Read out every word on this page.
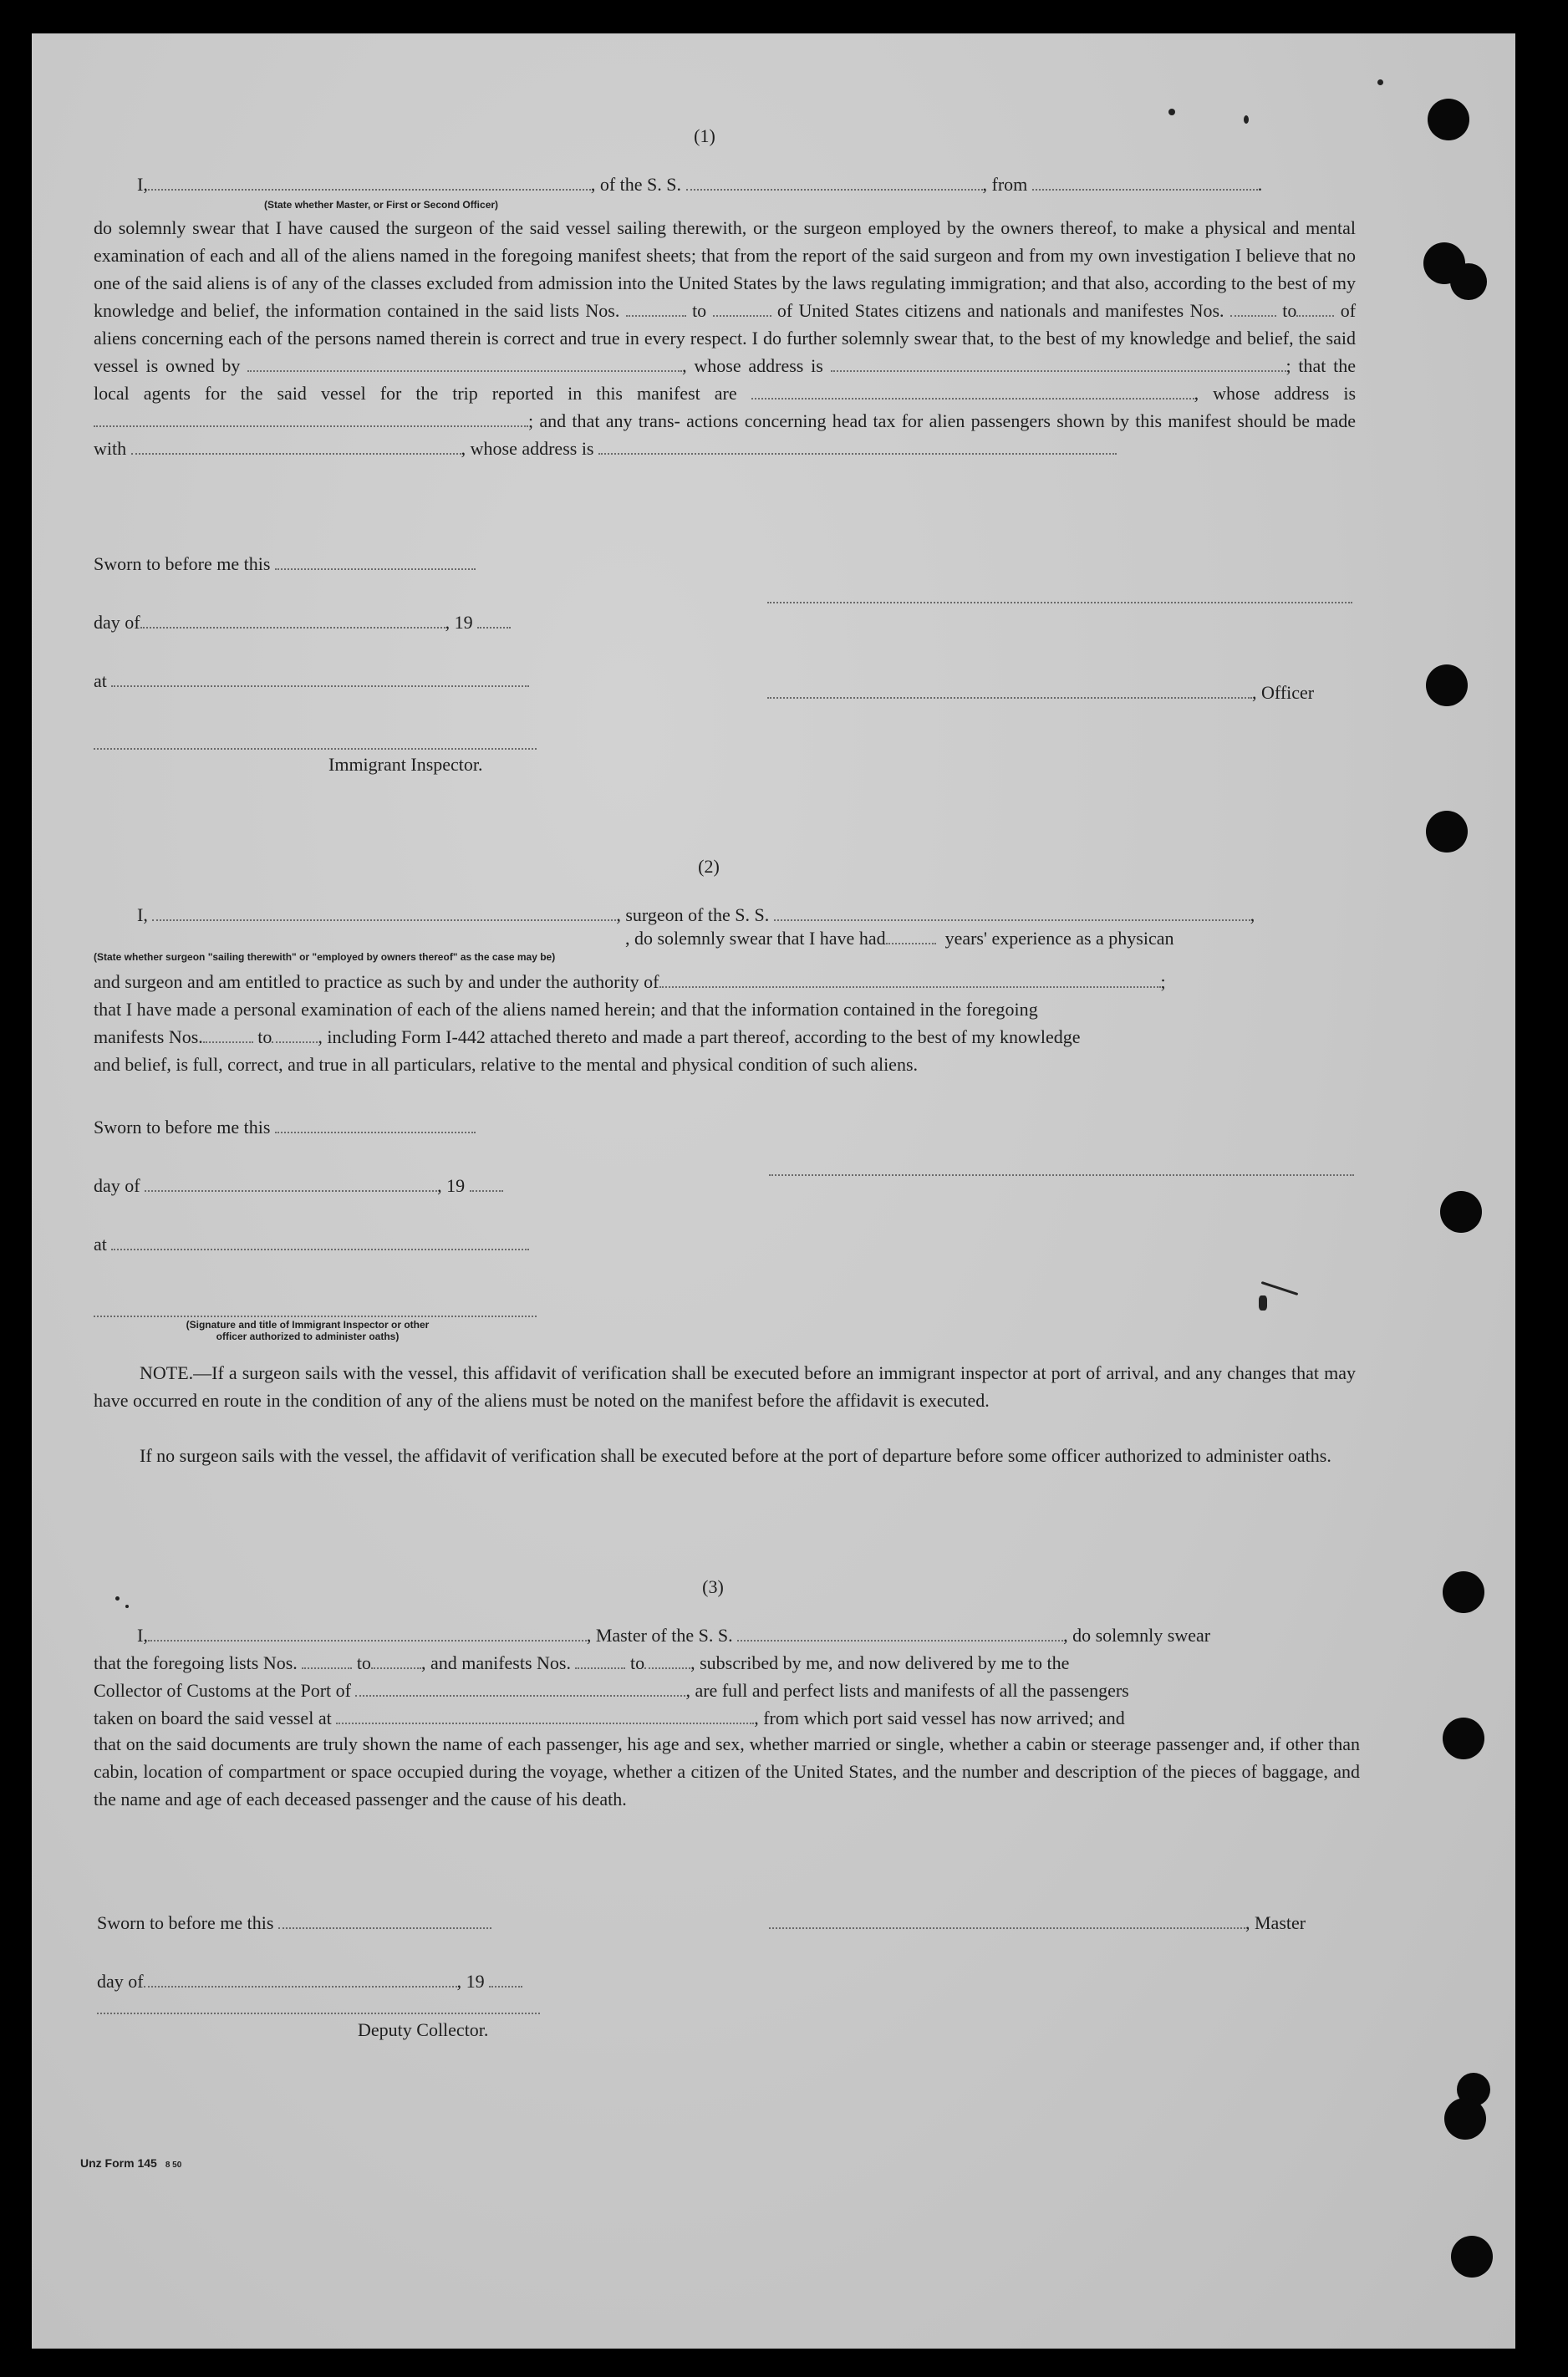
(1)
I,	, of the S. S.	, from	.
(State whether Master, or First or Second Officer)
do solemnly swear that I have caused the surgeon of the said vessel sailing therewith, or the surgeon employed by the owners thereof, to make a physical and mental examination of each and all of the aliens named in the foregoing manifest sheets; that from the report of the said surgeon and from my own investigation I believe that no one of the said aliens is of any of the classes excluded from admission into the United States by the laws regulating immigration; and that also, according to the best of my knowledge and belief, the information contained in the said lists Nos.	to	of United States citizens and nationals and manifestes Nos.	to of aliens concerning each of the persons named therein is correct and true in every respect. I do further solemnly swear that, to the best of my knowledge and belief, the said vessel is owned by	, whose address is	; that the local agents for the said vessel for the trip reported in this manifest are	, whose address is; and that any trans- actions concerning head tax for alien passengers shown by this manifest should be made with	, whose address is
Sworn to before me this
day of	, 19
at
, Officer
Immigrant Inspector.
(2)
I,	, surgeon of the S. S.	,
, do solemnly swear that I have had	years' experience as a physican
(State whether surgeon "sailing therewith" or "employed by owners thereof" as the case may be)
and surgeon and am entitled to practice as such by and under the authority of	;
that I have made a personal examination of each of the aliens named herein; and that the information contained in the foregoing
manifests Nos.	to	, including Form I-442 attached thereto and made a part thereof, according to the best of my knowledge
and belief, is full, correct, and true in all particulars, relative to the mental and physical condition of such aliens.
Sworn to before me this
day of	, 19
at
(Signature and title of Immigrant Inspector or other
officer authorized to administer oaths)
NOTE.—If a surgeon sails with the vessel, this affidavit of verification shall be executed before an immigrant inspector at port of arrival, and any changes that may have occurred en route in the condition of any of the aliens must be noted on the manifest before the affidavit is executed.
If no surgeon sails with the vessel, the affidavit of verification shall be executed before at the port of departure before some officer authorized to administer oaths.
(3)
I,	, Master of the S. S.	, do solemnly swear
that the foregoing lists Nos.	to	, and manifests Nos.	to	, subscribed by me, and now delivered by me to the
Collector of Customs at the Port of	, are full and perfect lists and manifests of all the passengers
taken on board the said vessel at	, from which port said vessel has now arrived; and
that on the said documents are truly shown the name of each passenger, his age and sex, whether married or single, whether a cabin or steerage passenger and, if other than cabin, location of compartment or space occupied during the voyage, whether a citizen of the United States, and the number and description of the pieces of baggage, and the name and age of each deceased passenger and the cause of his death.
Sworn to before me this	, Master
day of	, 19
Deputy Collector.
Unz Form 145 8 50
